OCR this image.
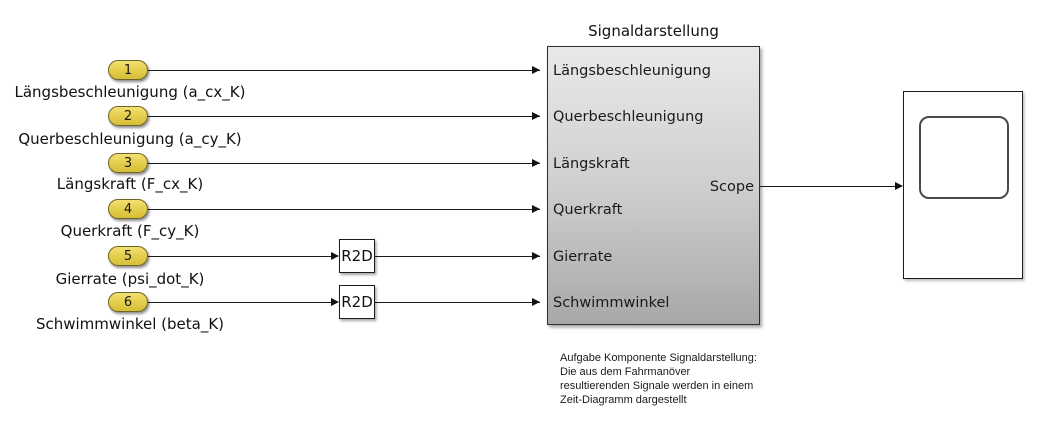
1
Längsbeschleunigung (a_cx_K)
2
Querbeschleunigung (a_cy_K)
3
Längskraft (F_cx_K)
4
Querkraft (F_cy_K)
5
Gierrate (psi_dot_K)
6
Schwimmwinkel (beta_K)
R2D
R2D
Signaldarstellung
Längsbeschleunigung
Querbeschleunigung
Längskraft
Querkraft
Gierrate
Schwimmwinkel
Scope
Aufgabe Komponente Signaldarstellung:
Die aus dem Fahrmanöver
resultierenden Signale werden in einem
Zeit-Diagramm dargestellt
